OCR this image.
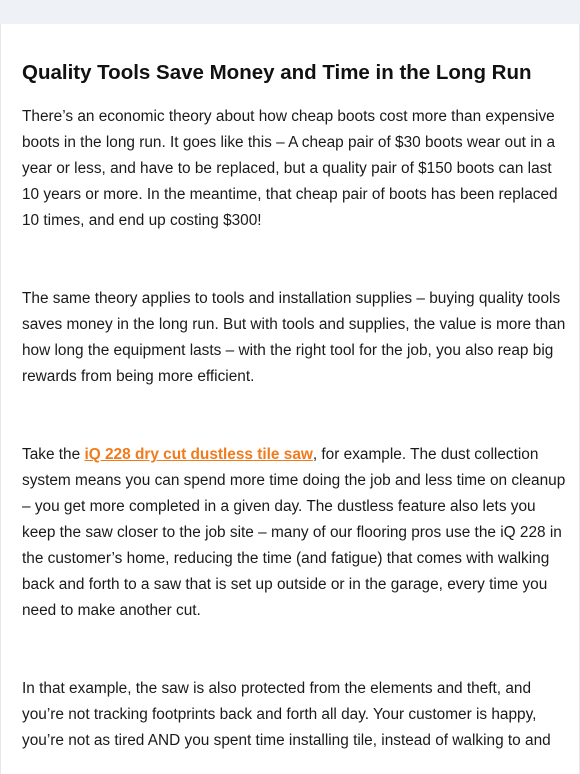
Quality Tools Save Money and Time in the Long Run

There’s an economic theory about how cheap boots cost more than expensive
boots in the long run. It goes like this – A cheap pair of $30 boots wear out in a
year or less, and have to be replaced, but a quality pair of $150 boots can last
10 years or more. In the meantime, that cheap pair of boots has been replaced
10 times, and end up costing $300!

The same theory applies to tools and installation supplies – buying quality tools
saves money in the long run. But with tools and supplies, the value is more than
how long the equipment lasts – with the right tool for the job, you also reap big
rewards from being more efficient.

Take the iQ 228 dry cut dustless tile saw, for example. The dust collection
system means you can spend more time doing the job and less time on cleanup
– you get more completed in a given day. The dustless feature also lets you
keep the saw closer to the job site – many of our flooring pros use the iQ 228 in
the customer’s home, reducing the time (and fatigue) that comes with walking
back and forth to a saw that is set up outside or in the garage, every time you
need to make another cut.

In that example, the saw is also protected from the elements and theft, and
you’re not tracking footprints back and forth all day. Your customer is happy,
you’re not as tired AND you spent time installing tile, instead of walking to and
